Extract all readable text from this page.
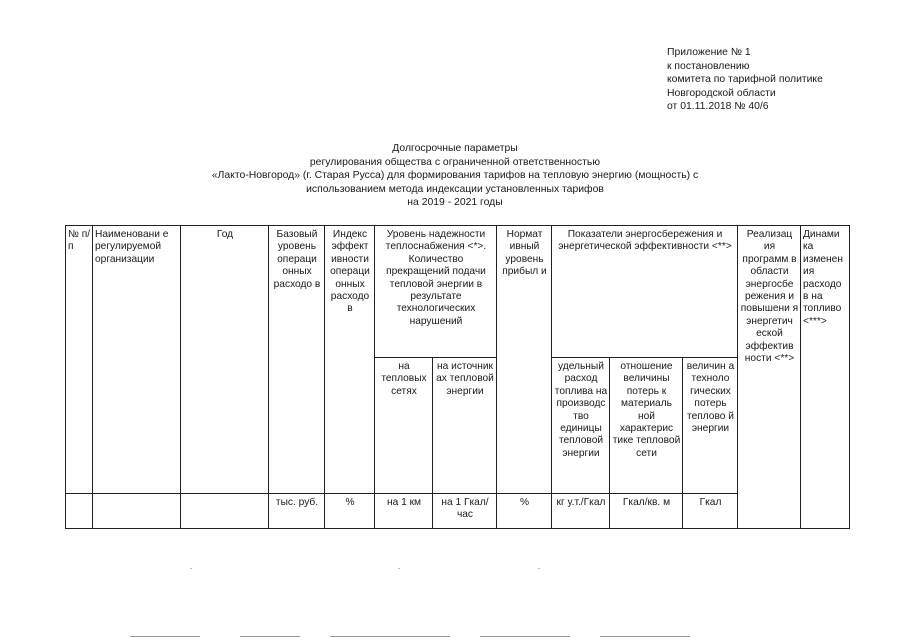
Приложение № 1
к постановлению
комитета по тарифной политике
Новгородской области
от 01.11.2018 № 40/6
Долгосрочные параметры
регулирования общества с ограниченной ответственностью
«Лакто-Новгород» (г. Старая Русса) для формирования тарифов на тепловую энергию (мощность) с
использованием метода индексации установленных тарифов
на 2019 - 2021 годы
№ п/п	Наименовани е регулируемой организации	Год	Базовый уровень операци онных расходо в	Индекс эффект ивности операци онных расходо в	Уровень надежности теплоснабжения <*>. Количество прекращений подачи тепловой энергии в результате технологических нарушений		Нормат ивный уровень прибыл и	Показатели энергосбережения и энергетической эффективности <**>			Реализац ия программ в области энергосбе режения и повышени я энергетич еской эффектив ности <**>	Динами ка изменен ия расходо в на топливо <***>
					на тепловых сетях	на источник ах тепловой энергии		удельный расход топлива на производс тво единицы тепловой энергии	отношение величины потерь к материаль ной характерис тике тепловой сети	величин а техноло гических потерь теплово й энергии		
			тыс. руб.	%	на 1 км	на 1 Гкал/час	%	кг у.т./Гкал	Гкал/кв. м	Гкал		
